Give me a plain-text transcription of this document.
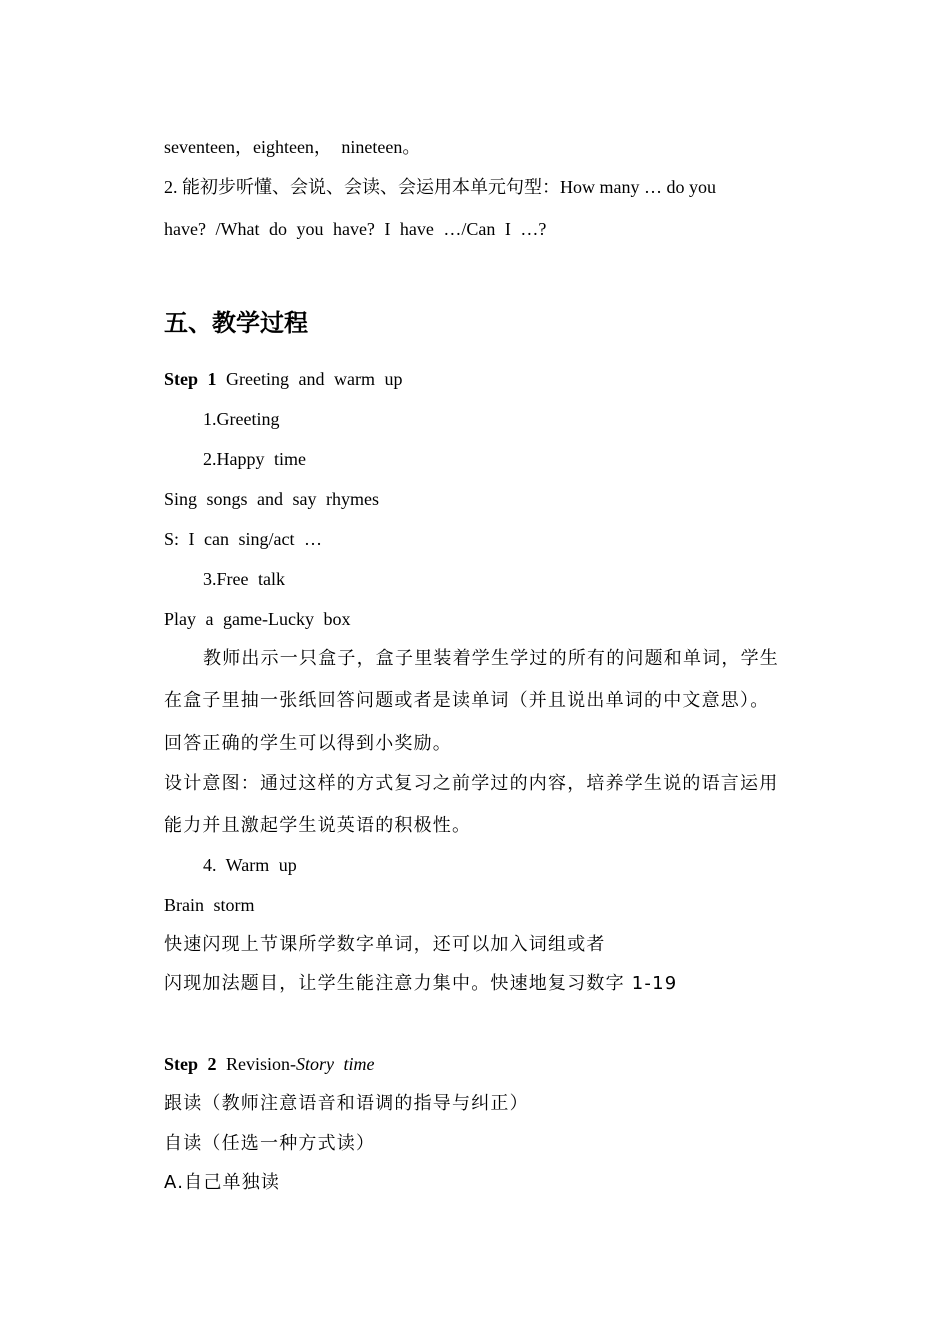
seventeen，eighteen， nineteen。
2. 能初步听懂、会说、会读、会运用本单元句型：How many … do you
have? /What do you have? I have …/Can I …?
五、教学过程
Step 1 Greeting and warm up
1.Greeting
2.Happy time
Sing songs and say rhymes
S: I can sing/act …
3.Free talk
Play a game-Lucky box
教师出示一只盒子，盒子里装着学生学过的所有的问题和单词，学生
在盒子里抽一张纸回答问题或者是读单词（并且说出单词的中文意思）。
回答正确的学生可以得到小奖励。
设计意图：通过这样的方式复习之前学过的内容，培养学生说的语言运用
能力并且激起学生说英语的积极性。
4. Warm up
Brain storm
快速闪现上节课所学数字单词，还可以加入词组或者
闪现加法题目，让学生能注意力集中。快速地复习数字 1-19
Step 2 Revision-Story time
跟读（教师注意语音和语调的指导与纠正）
自读（任选一种方式读）
A.自己单独读
